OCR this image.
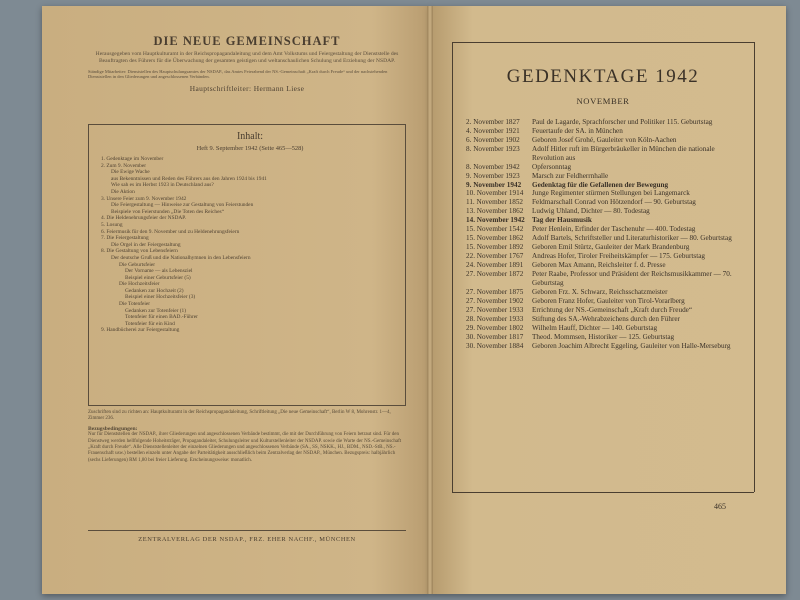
DIE NEUE GEMEINSCHAFT
Herausgegeben vom Hauptkulturamt in der Reichspropagandaleitung und dem Amt Volkstums und Feiergestaltung der Dienststelle des Beauftragten des Führers für die Überwachung der gesamten geistigen und weltanschaulichen Schulung und Erziehung der NSDAP.
Ständige Mitarbeiter: Dienststellen des Hauptschulungsamtes der NSDAP., das Amtes Feierabend der NS.-Gemeinschaft „Kraft durch Freude“ und der nachstehenden Dienststellen in den Gliederungen und angeschlossenen Verbänden.
Hauptschriftleiter: Hermann Liese
Inhalt:
Heft 9. September 1942 (Seite 465—528)
1. Gedenktage im November
2. Zum 9. November
Die Ewige Wache
aus Bekenntnissen und Reden des Führers aus den Jahren 1924 bis 1941
Wie sah es im Herbst 1923 in Deutschland aus?
Die Aktion
3. Unsere Feier zum 9. November 1942
Die Feiergestaltung — Hinweise zur Gestaltung von Feierstunden
Beispiele von Feierstunden „Die Toten des Reiches“
4. Die Heldenehrungsfeier der NSDAP.
5. Losung
6. Feiermusik für den 9. November und zu Heldenehrungsfeiern
7. Die Feiergestaltung
Die Orgel in der Feiergestaltung
8. Die Gestaltung von Lebensfeiern
Der deutsche Gruß und die Nationalhymnen in den Lebensfeiern
Die Geburtsfeier
Der Vorname — als Lebensziel
Beispiel einer Geburtsfeier (5)
Die Hochzeitsfeier
Gedanken zur Hochzeit (2)
Beispiel einer Hochzeitsfeier (3)
Die Totenfeier
Gedanken zur Totenfeier (1)
Totenfeier für einen BAD.-Führer
Totenfeier für ein Kind
9. Handbücherei zur Feiergestaltung
Zuschriften sind zu richten an: Hauptkulturamt in der Reichspropagandaleitung, Schriftleitung „Die neue Gemeinschaft“, Berlin W 8, Mohrenstr. 1—4, Zimmer 236.
Bezugsbedingungen:
Nur für Dienststellen der NSDAP., ihrer Gliederungen und angeschlossenen Verbände bestimmt, die mit der Durchführung von Feiern betraut sind. Für den Dienstweg werden hellfolgende Hoheitsträger, Propagandaleiter, Schulungsleiter und Kulturstellenleiter der NSDAP. sowie die Warte der NS.-Gemeinschaft „Kraft durch Freude“. Alle Dienststellenleiter der einzelnen Gliederungen und angeschlossenen Verbände (SA., SS, NSKK., HJ., BDM., NSD.-StB., NS.-Frauenschaft usw.) bestellen einzeln unter Angabe der Parteitätigkeit ausschließlich beim Zentralverlag der NSDAP., München. Bezugspreis: halbjährlich (sechs Lieferungen) RM 1,80 bei freier Lieferung. Erscheinungsweise: monatlich.
ZENTRALVERLAG DER NSDAP., FRZ. EHER NACHF., MÜNCHEN
GEDENKTAGE 1942
NOVEMBER
2. November 1827	Paul de Lagarde, Sprachforscher und Politiker 115. Geburtstag
4. November 1921	Feuertaufe der SA. in München
6. November 1902	Geboren Josef Grohé, Gauleiter von Köln-Aachen
8. November 1923	Adolf Hitler ruft im Bürgerbräukeller in München die nationale Revolution aus
8. November 1942	Opfersonntag
9. November 1923	Marsch zur Feldherrnhalle
9. November 1942	Gedenktag für die Gefallenen der Bewegung
10. November 1914	Junge Regimenter stürmen Stellungen bei Langemarck
11. November 1852	Feldmarschall Conrad von Hötzendorf — 90. Geburtstag
13. November 1862	Ludwig Uhland, Dichter — 80. Todestag
14. November 1942	Tag der Hausmusik
15. November 1542	Peter Henlein, Erfinder der Taschenuhr — 400. Todestag
15. November 1862	Adolf Bartels, Schriftsteller und Literaturhistoriker — 80. Geburtstag
15. November 1892	Geboren Emil Stürtz, Gauleiter der Mark Brandenburg
22. November 1767	Andreas Hofer, Tiroler Freiheitskämpfer — 175. Geburtstag
24. November 1891	Geboren Max Amann, Reichsleiter f. d. Presse
27. November 1872	Peter Raabe, Professor und Präsident der Reichsmusikkammer — 70. Geburtstag
27. November 1875	Geboren Frz. X. Schwarz, Reichsschatzmeister
27. November 1902	Geboren Franz Hofer, Gauleiter von Tirol-Vorarlberg
27. November 1933	Errichtung der NS.-Gemeinschaft „Kraft durch Freude“
28. November 1933	Stiftung des SA.-Wehrabzeichens durch den Führer
29. November 1802	Wilhelm Hauff, Dichter — 140. Geburtstag
30. November 1817	Theod. Mommsen, Historiker — 125. Geburtstag
30. November 1884	Geboren Joachim Albrecht Eggeling, Gauleiter von Halle-Merseburg
465
